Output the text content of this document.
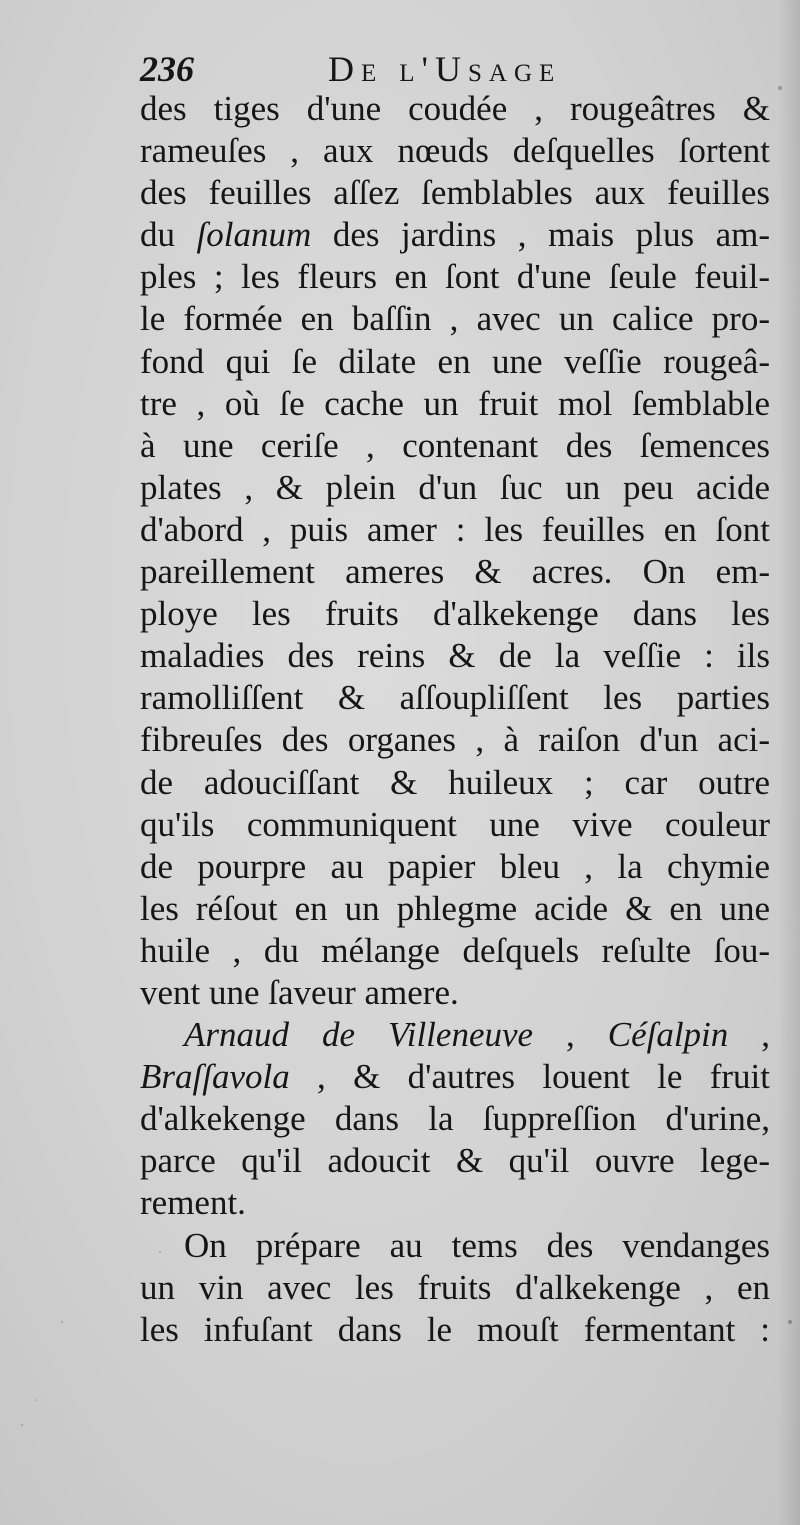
236	De l'Usage
des tiges d'une coudée , rougeâtres &
rameuſes , aux nœuds deſquelles ſortent
des feuilles aſſez ſemblables aux feuilles
du ſolanum des jardins , mais plus am-
ples ; les fleurs en ſont d'une ſeule feuil-
le formée en baſſin , avec un calice pro-
fond qui ſe dilate en une veſſie rougeâ-
tre , où ſe cache un fruit mol ſemblable
à une ceriſe , contenant des ſemences
plates , & plein d'un ſuc un peu acide
d'abord , puis amer : les feuilles en ſont
pareillement ameres & acres. On em-
ploye les fruits d'alkekenge dans les
maladies des reins & de la veſſie : ils
ramolliſſent & aſſoupliſſent les parties
fibreuſes des organes , à raiſon d'un aci-
de adouciſſant & huileux ; car outre
qu'ils communiquent une vive couleur
de pourpre au papier bleu , la chymie
les réſout en un phlegme acide & en une
huile , du mélange deſquels reſulte ſou-
vent une ſaveur amere.
Arnaud de Villeneuve , Céſalpin ,
Braſſavola , & d'autres louent le fruit
d'alkekenge dans la ſuppreſſion d'urine,
parce qu'il adoucit & qu'il ouvre lege-
rement.
On prépare au tems des vendanges
un vin avec les fruits d'alkekenge , en
les infuſant dans le mouſt fermentant :
